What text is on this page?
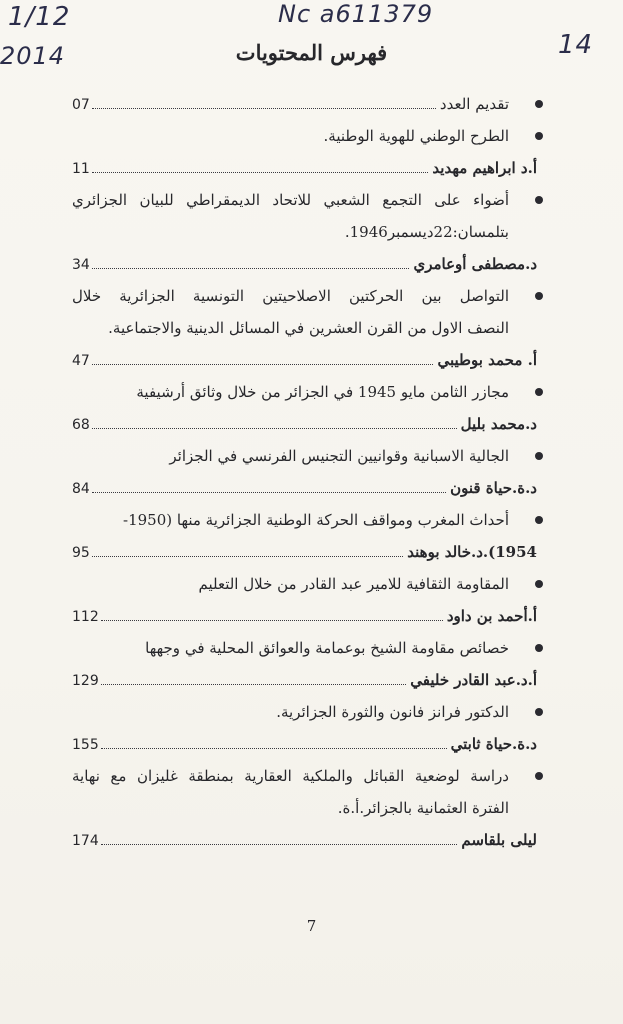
1/12
2014
Nc a611379
14
فهرس المحتويات
تقديم العدد
07
الطرح الوطني للهوية الوطنية.
أ.د ابراهيم مهديد
11
أضواء على التجمع الشعبي للاتحاد الديمقراطي للبيان الجزائري
بتلمسان:22ديسمبر1946.
د.مصطفى أوعامري
34
التواصل بين الحركتين الاصلاحيتين التونسية الجزائرية خلال
النصف الاول من القرن العشرين في المسائل الدينية والاجتماعية.
أ. محمد بوطيبي
47
مجازر الثامن مايو 1945 في الجزائر من خلال وثائق أرشيفية
د.محمد بليل
68
الجالية الاسبانية وقوانيين التجنيس الفرنسي في الجزائر
د.ة.حياة قنون
84
أحداث المغرب ومواقف الحركة الوطنية الجزائرية منها (1950-
1954).د.خالد بوهند
95
المقاومة الثقافية للامير عبد القادر من خلال التعليم
أ.أحمد بن داود
112
خصائص مقاومة الشيخ بوعمامة والعوائق المحلية في وجهها
أ.د.عبد القادر خليفي
129
الدكتور فرانز فانون والثورة الجزائرية.
د.ة.حياة ثابتي
155
دراسة لوضعية القبائل والملكية العقارية بمنطقة غليزان مع نهاية
الفترة العثمانية بالجزائر.أ.ة.
ليلى بلقاسم
174
7
